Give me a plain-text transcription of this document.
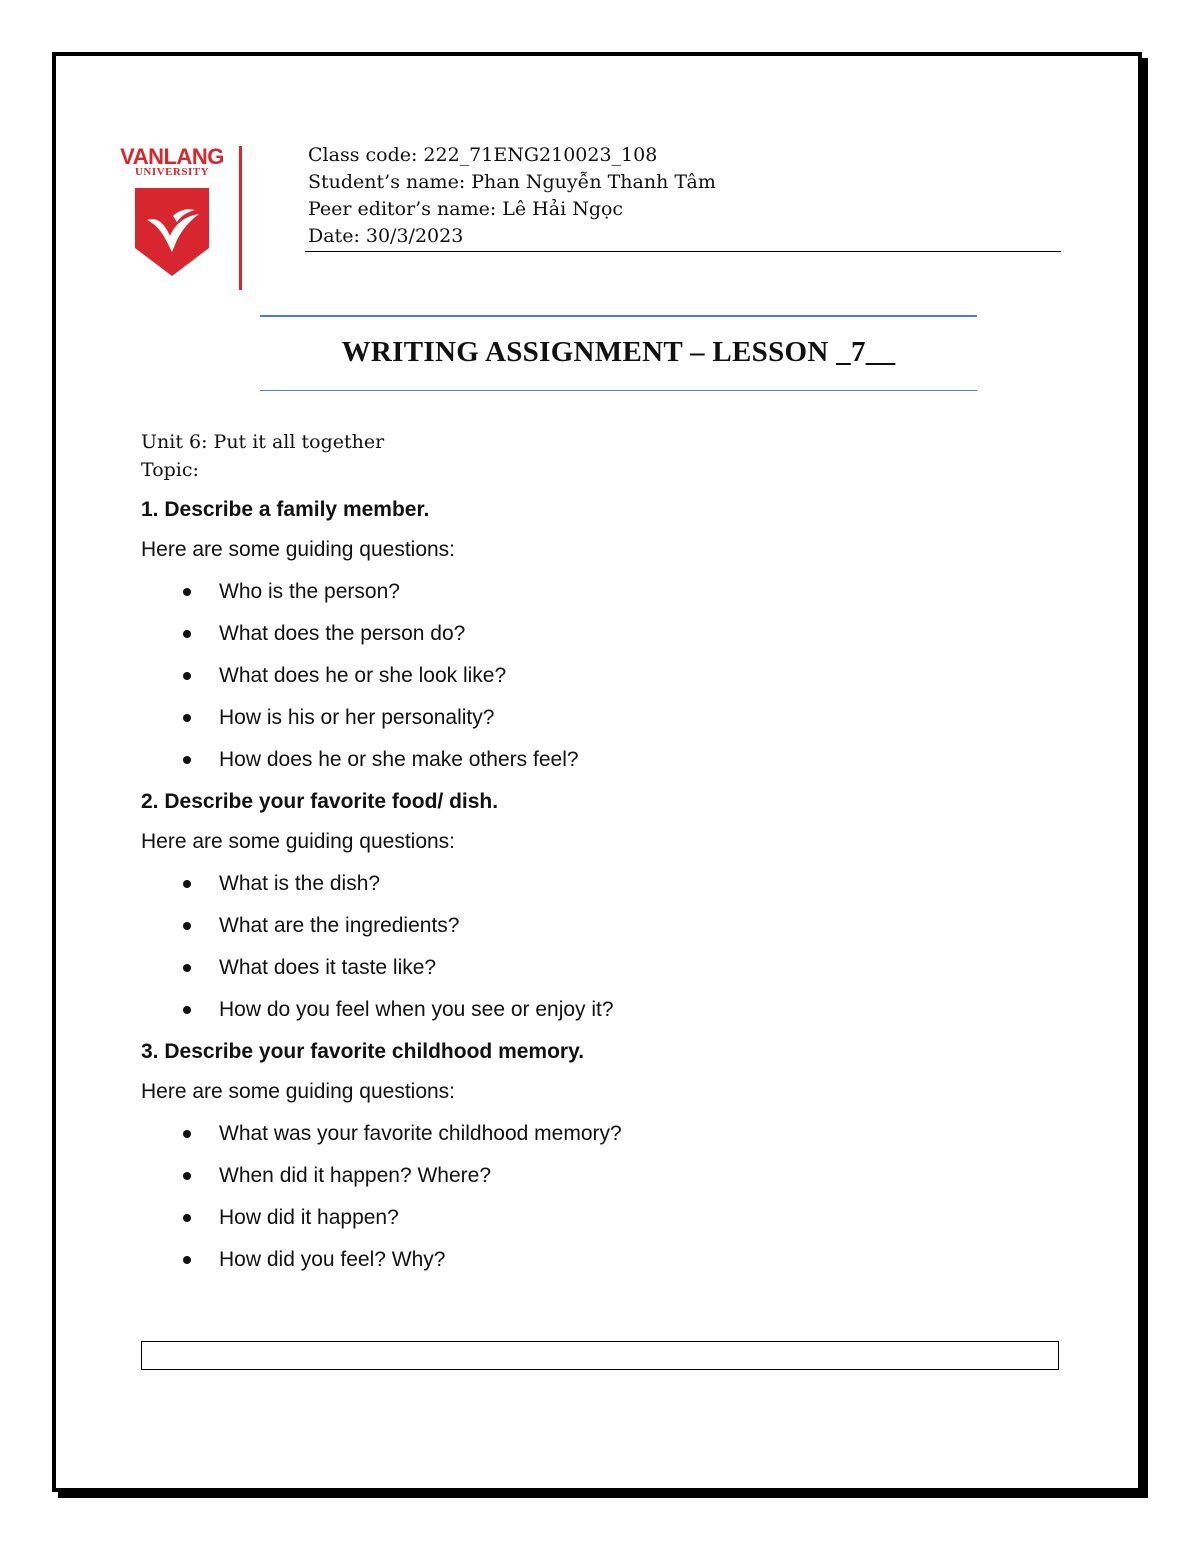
VANLANG
UNIVERSITY
Class code: 222_71ENG210023_108
Student’s name: Phan Nguyễn Thanh Tâm
Peer editor’s name: Lê Hải Ngọc
Date: 30/3/2023
WRITING ASSIGNMENT – LESSON _7__
Unit 6: Put it all together
Topic:
1. Describe a family member.
Here are some guiding questions:
Who is the person?
What does the person do?
What does he or she look like?
How is his or her personality?
How does he or she make others feel?
2. Describe your favorite food/ dish.
Here are some guiding questions:
What is the dish?
What are the ingredients?
What does it taste like?
How do you feel when you see or enjoy it?
3. Describe your favorite childhood memory.
Here are some guiding questions:
What was your favorite childhood memory?
When did it happen? Where?
How did it happen?
How did you feel? Why?
